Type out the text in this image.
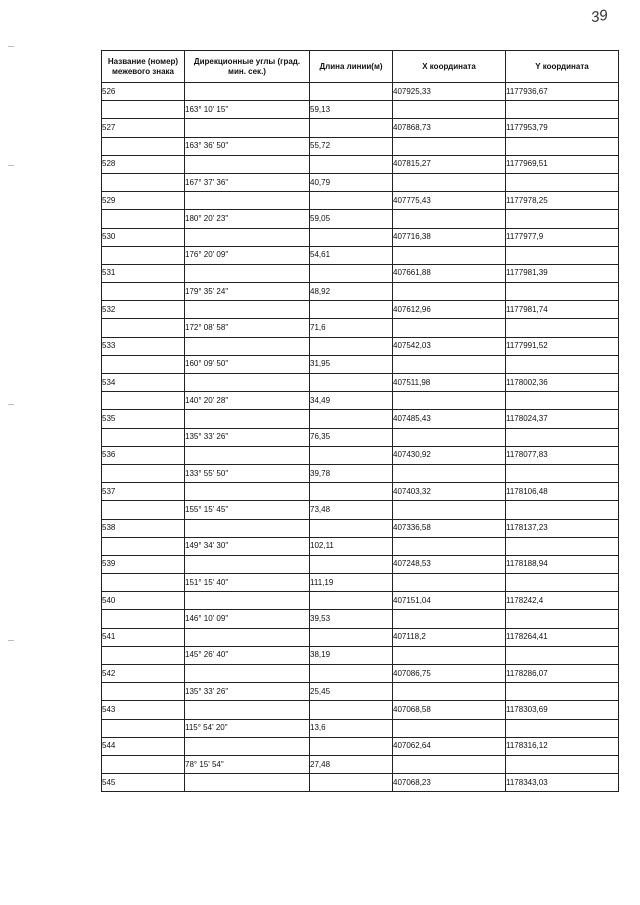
39
Название (номер) межевого знака	Дирекционные углы (град. мин. сек.)	Длина линии(м)	X координата	Y координата
526			407925,33	1177936,67
	163° 10' 15"	59,13		
527			407868,73	1177953,79
	163° 36' 50"	55,72		
528			407815,27	1177969,51
	167° 37' 36"	40,79		
529			407775,43	1177978,25
	180° 20' 23"	59,05		
530			407716,38	1177977,9
	176° 20' 09"	54,61		
531			407661,88	1177981,39
	179° 35' 24"	48,92		
532			407612,96	1177981,74
	172° 08' 58"	71,6		
533			407542,03	1177991,52
	160° 09' 50"	31,95		
534			407511,98	1178002,36
	140° 20' 28"	34,49		
535			407485,43	1178024,37
	135° 33' 26"	76,35		
536			407430,92	1178077,83
	133° 55' 50"	39,78		
537			407403,32	1178106,48
	155° 15' 45"	73,48		
538			407336,58	1178137,23
	149° 34' 30"	102,11		
539			407248,53	1178188,94
	151° 15' 40"	111,19		
540			407151,04	1178242,4
	146° 10' 09"	39,53		
541			407118,2	1178264,41
	145° 26' 40"	38,19		
542			407086,75	1178286,07
	135° 33' 26"	25,45		
543			407068,58	1178303,69
	115° 54' 20"	13,6		
544			407062,64	1178316,12
	78° 15' 54"	27,48		
545			407068,23	1178343,03
